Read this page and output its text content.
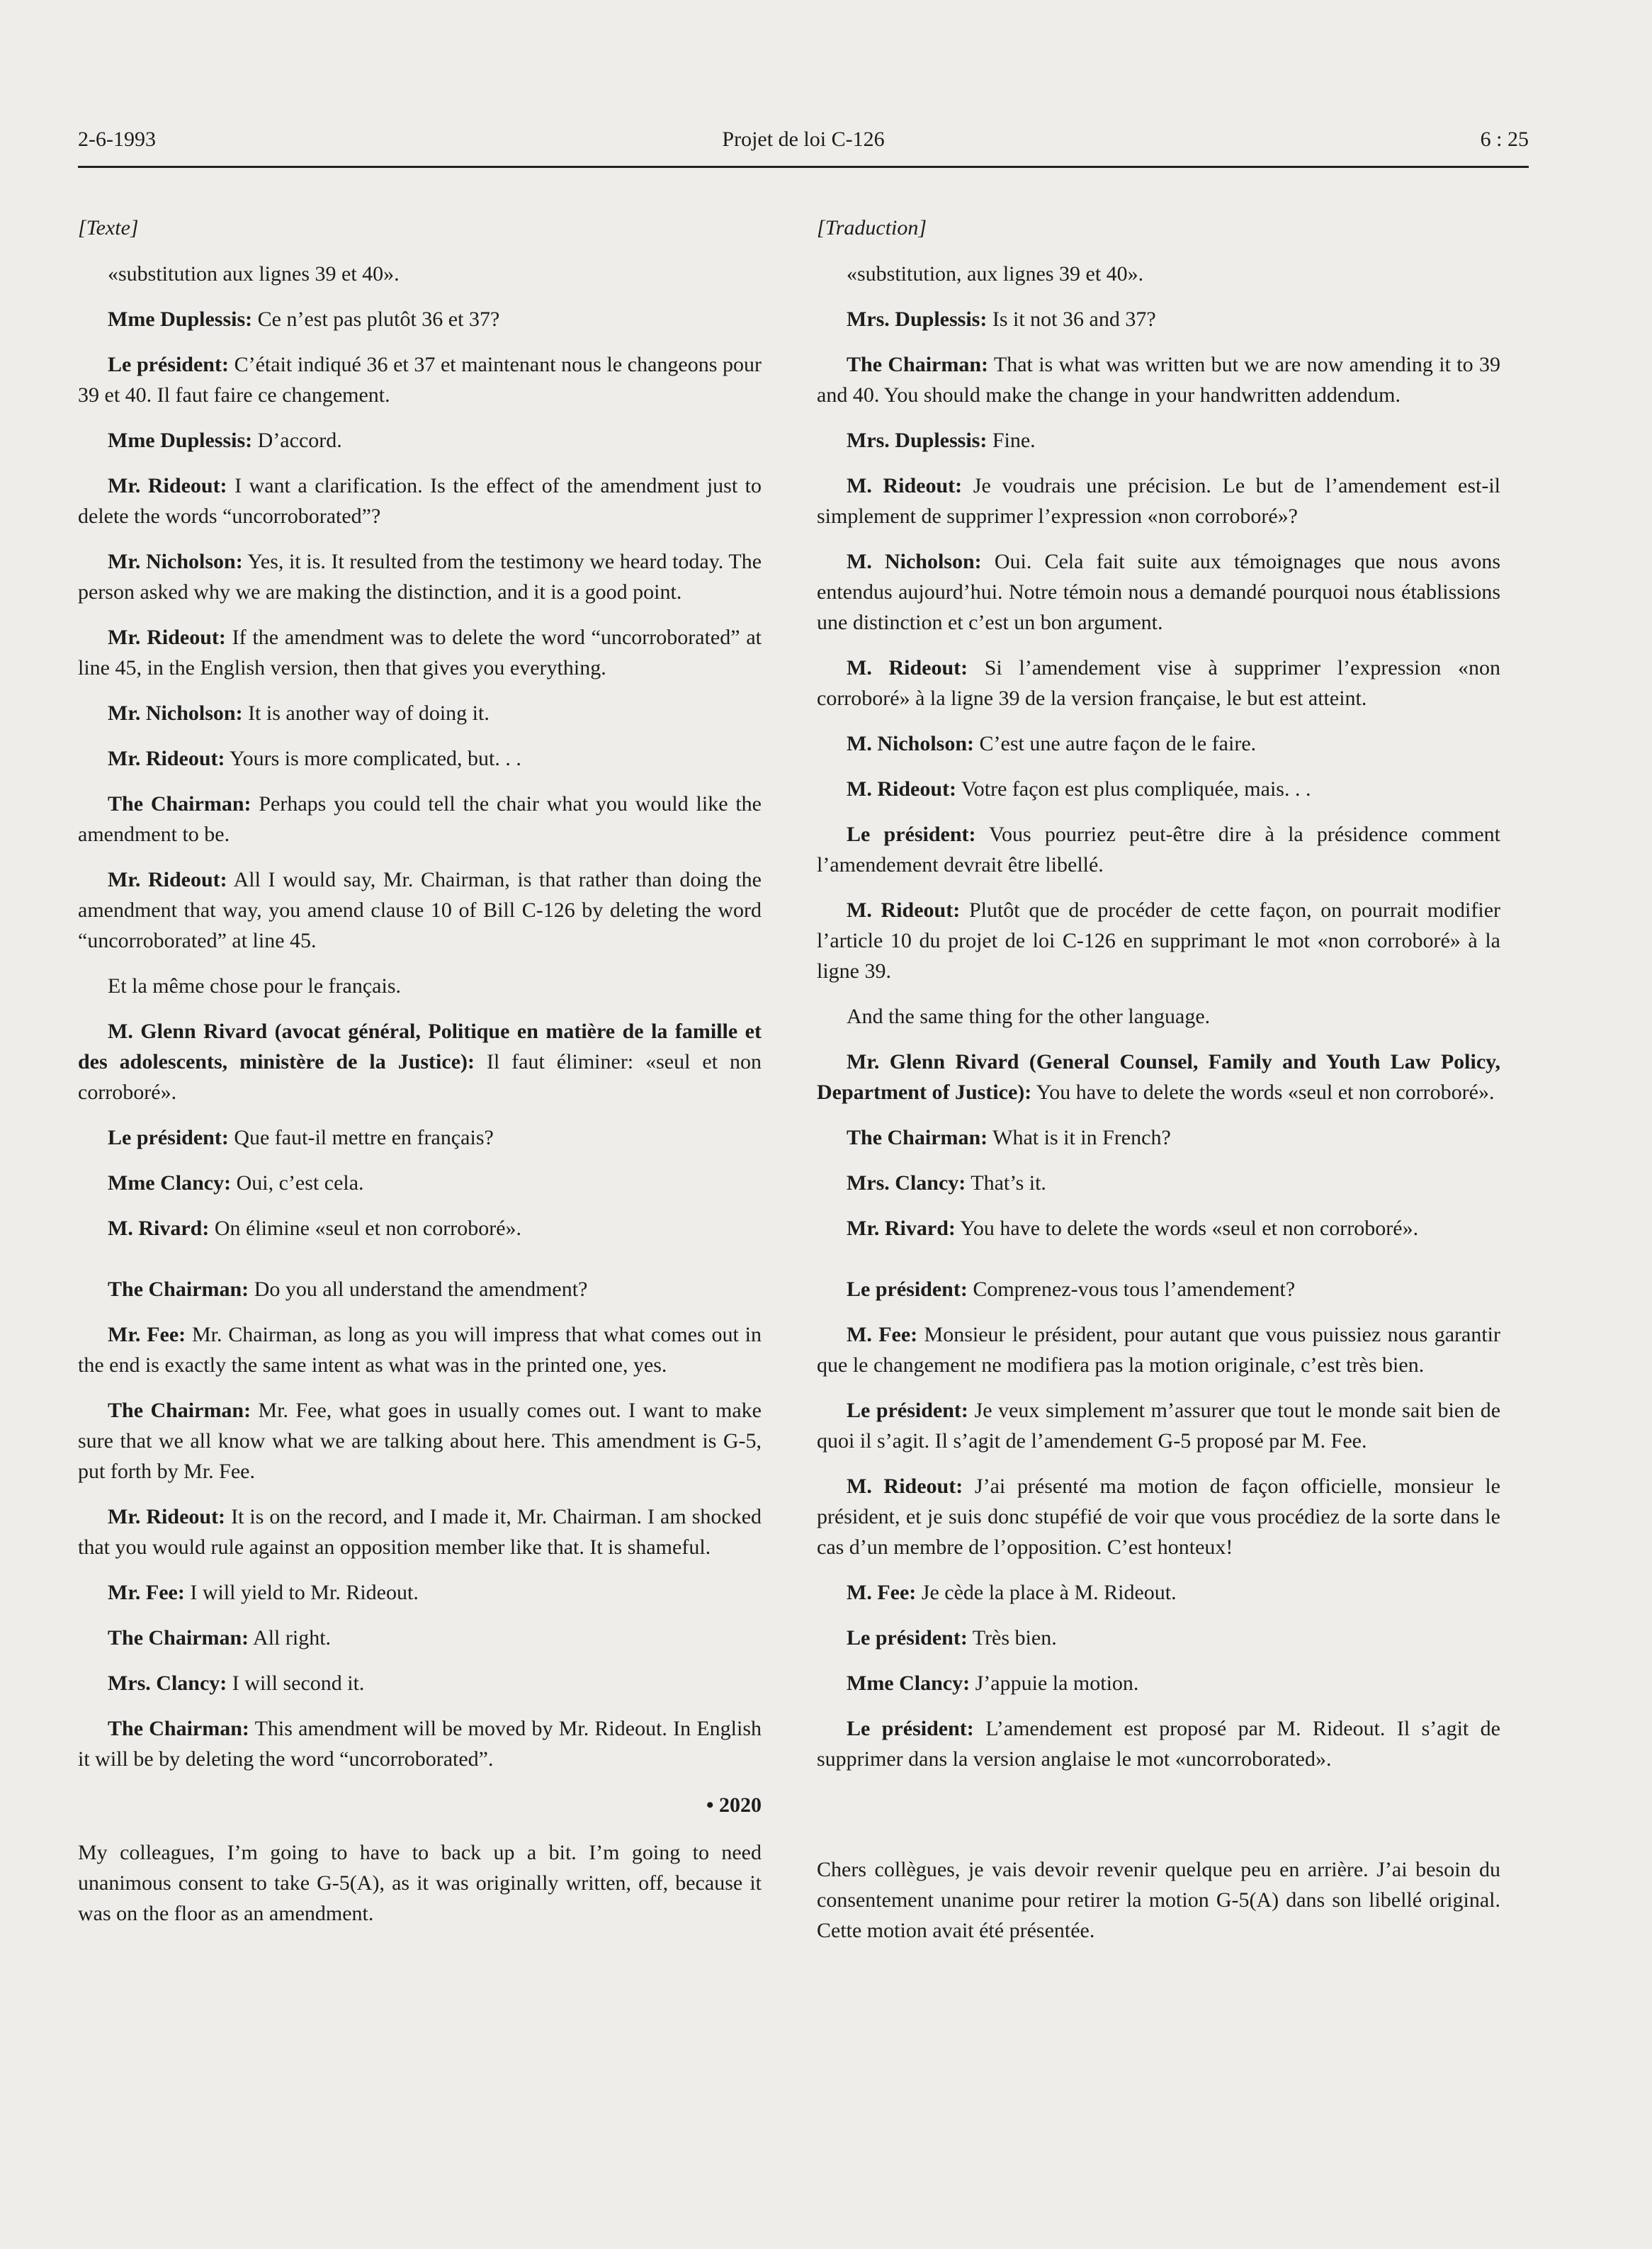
2-6-1993	Projet de loi C-126	6 : 25

[Texte]

«substitution aux lignes 39 et 40».

Mme Duplessis: Ce n’est pas plutôt 36 et 37?

Le président: C’était indiqué 36 et 37 et maintenant nous le changeons pour 39 et 40. Il faut faire ce changement.

Mme Duplessis: D’accord.

Mr. Rideout: I want a clarification. Is the effect of the amendment just to delete the words “uncorroborated”?

Mr. Nicholson: Yes, it is. It resulted from the testimony we heard today. The person asked why we are making the distinction, and it is a good point.

Mr. Rideout: If the amendment was to delete the word “uncorroborated” at line 45, in the English version, then that gives you everything.

Mr. Nicholson: It is another way of doing it.

Mr. Rideout: Yours is more complicated, but. . .

The Chairman: Perhaps you could tell the chair what you would like the amendment to be.

Mr. Rideout: All I would say, Mr. Chairman, is that rather than doing the amendment that way, you amend clause 10 of Bill C-126 by deleting the word “uncorroborated” at line 45.

Et la même chose pour le français.

M. Glenn Rivard (avocat général, Politique en matière de la famille et des adolescents, ministère de la Justice): Il faut éliminer: «seul et non corroboré».

Le président: Que faut-il mettre en français?

Mme Clancy: Oui, c’est cela.

M. Rivard: On élimine «seul et non corroboré».

The Chairman: Do you all understand the amendment?

Mr. Fee: Mr. Chairman, as long as you will impress that what comes out in the end is exactly the same intent as what was in the printed one, yes.

The Chairman: Mr. Fee, what goes in usually comes out. I want to make sure that we all know what we are talking about here. This amendment is G-5, put forth by Mr. Fee.

Mr. Rideout: It is on the record, and I made it, Mr. Chairman. I am shocked that you would rule against an opposition member like that. It is shameful.

Mr. Fee: I will yield to Mr. Rideout.

The Chairman: All right.

Mrs. Clancy: I will second it.

The Chairman: This amendment will be moved by Mr. Rideout. In English it will be by deleting the word “uncorroborated”.

• 2020

My colleagues, I’m going to have to back up a bit. I’m going to need unanimous consent to take G-5(A), as it was originally written, off, because it was on the floor as an amendment.

[Traduction]

«substitution, aux lignes 39 et 40».

Mrs. Duplessis: Is it not 36 and 37?

The Chairman: That is what was written but we are now amending it to 39 and 40. You should make the change in your handwritten addendum.

Mrs. Duplessis: Fine.

M. Rideout: Je voudrais une précision. Le but de l’amendement est-il simplement de supprimer l’expression «non corroboré»?

M. Nicholson: Oui. Cela fait suite aux témoignages que nous avons entendus aujourd’hui. Notre témoin nous a demandé pourquoi nous établissions une distinction et c’est un bon argument.

M. Rideout: Si l’amendement vise à supprimer l’expression «non corroboré» à la ligne 39 de la version française, le but est atteint.

M. Nicholson: C’est une autre façon de le faire.

M. Rideout: Votre façon est plus compliquée, mais. . .

Le président: Vous pourriez peut-être dire à la présidence comment l’amendement devrait être libellé.

M. Rideout: Plutôt que de procéder de cette façon, on pourrait modifier l’article 10 du projet de loi C-126 en supprimant le mot «non corroboré» à la ligne 39.

And the same thing for the other language.

Mr. Glenn Rivard (General Counsel, Family and Youth Law Policy, Department of Justice): You have to delete the words «seul et non corroboré».

The Chairman: What is it in French?

Mrs. Clancy: That’s it.

Mr. Rivard: You have to delete the words «seul et non corroboré».

Le président: Comprenez-vous tous l’amendement?

M. Fee: Monsieur le président, pour autant que vous puissiez nous garantir que le changement ne modifiera pas la motion originale, c’est très bien.

Le président: Je veux simplement m’assurer que tout le monde sait bien de quoi il s’agit. Il s’agit de l’amendement G-5 proposé par M. Fee.

M. Rideout: J’ai présenté ma motion de façon officielle, monsieur le président, et je suis donc stupéfié de voir que vous procédiez de la sorte dans le cas d’un membre de l’opposition. C’est honteux!

M. Fee: Je cède la place à M. Rideout.

Le président: Très bien.

Mme Clancy: J’appuie la motion.

Le président: L’amendement est proposé par M. Rideout. Il s’agit de supprimer dans la version anglaise le mot «uncorroborated».

Chers collègues, je vais devoir revenir quelque peu en arrière. J’ai besoin du consentement unanime pour retirer la motion G-5(A) dans son libellé original. Cette motion avait été présentée.
